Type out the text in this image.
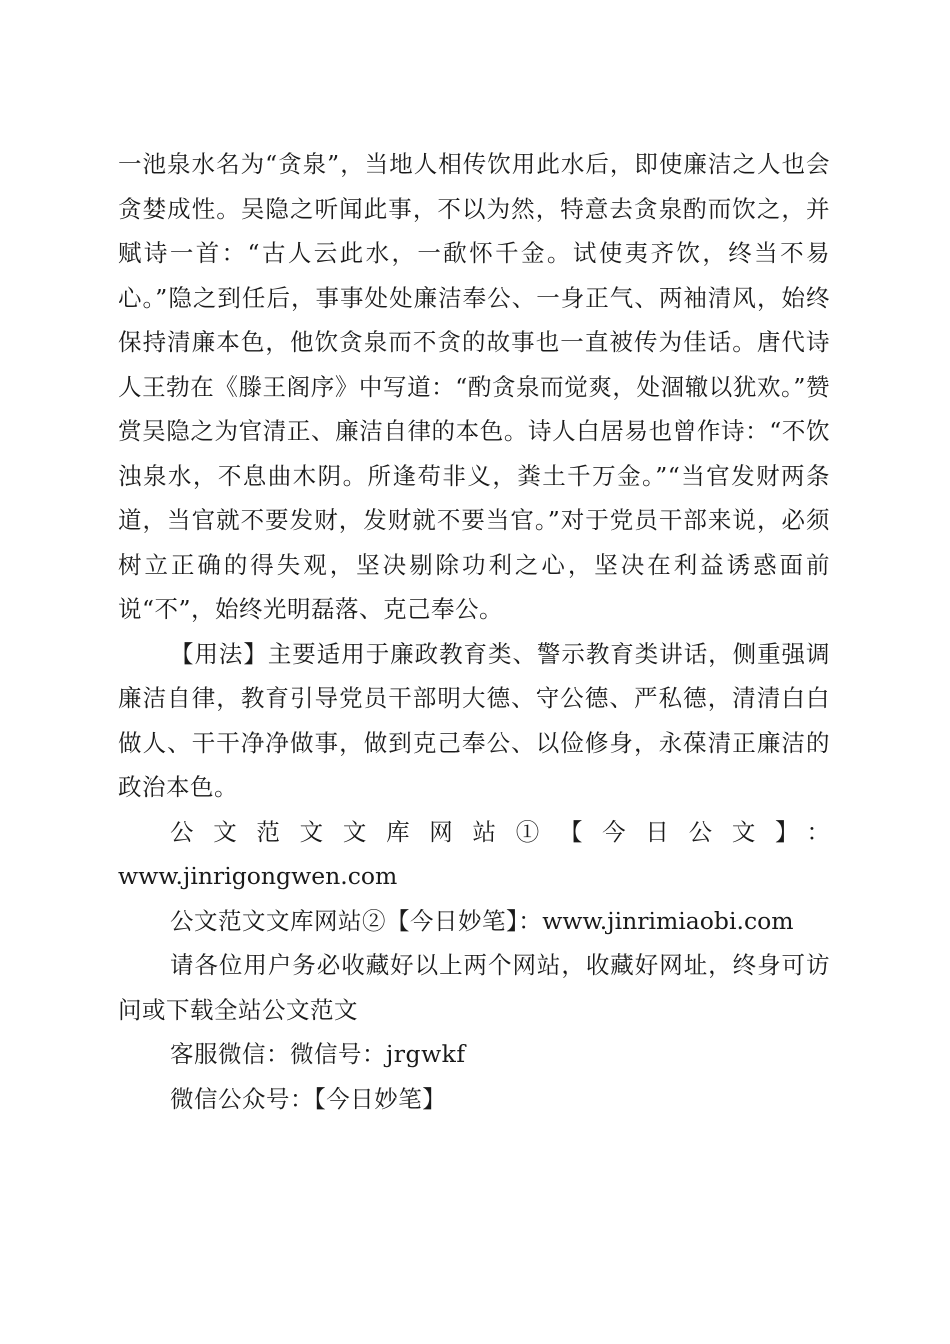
一池泉水名为“贪泉”，当地人相传饮用此水后，即使廉洁之人也会贪婪成性。吴隐之听闻此事，不以为然，特意去贪泉酌而饮之，并赋诗一首：“古人云此水，一歃怀千金。试使夷齐饮，终当不易心。”隐之到任后，事事处处廉洁奉公、一身正气、两袖清风，始终保持清廉本色，他饮贪泉而不贪的故事也一直被传为佳话。唐代诗人王勃在《滕王阁序》中写道：“酌贪泉而觉爽，处涸辙以犹欢。”赞赏吴隐之为官清正、廉洁自律的本色。诗人白居易也曾作诗：“不饮浊泉水，不息曲木阴。所逢苟非义，粪土千万金。”“当官发财两条道，当官就不要发财，发财就不要当官。”对于党员干部来说，必须树立正确的得失观，坚决剔除功利之心，坚决在利益诱惑面前说“不”，始终光明磊落、克己奉公。

【用法】主要适用于廉政教育类、警示教育类讲话，侧重强调廉洁自律，教育引导党员干部明大德、守公德、严私德，清清白白做人、干干净净做事，做到克己奉公、以俭修身，永葆清正廉洁的政治本色。

公文范文文库网站①【今日公文】：

www.jinrigongwen.com

公文范文文库网站②【今日妙笔】：www.jinrimiaobi.com

请各位用户务必收藏好以上两个网站，收藏好网址，终身可访问或下载全站公文范文

客服微信：微信号：jrgwkf

微信公众号：【今日妙笔】
